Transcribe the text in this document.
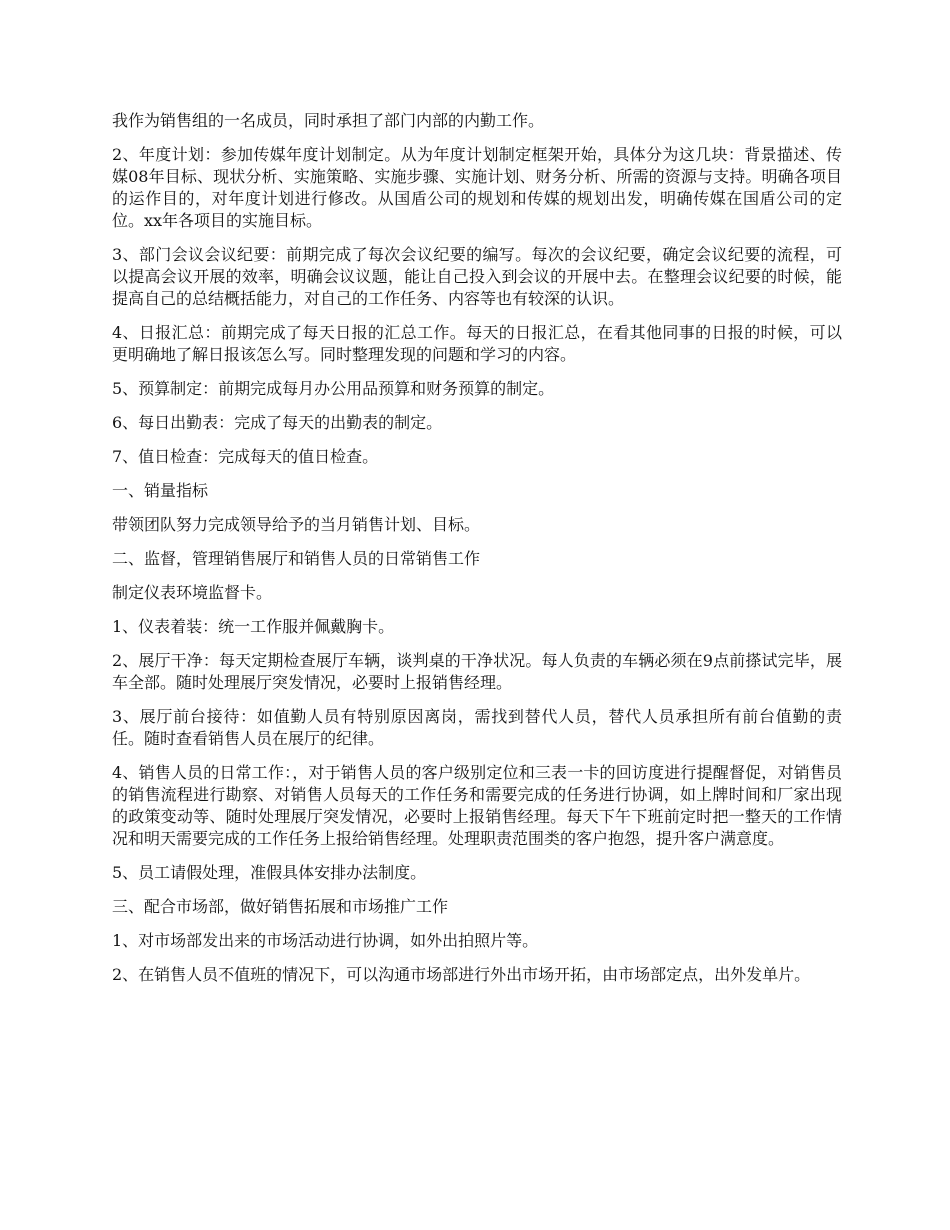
我作为销售组的一名成员，同时承担了部门内部的内勤工作。

2、年度计划：参加传媒年度计划制定。从为年度计划制定框架开始，具体分为这几块：背景描述、传媒08年目标、现状分析、实施策略、实施步骤、实施计划、财务分析、所需的资源与支持。明确各项目的运作目的，对年度计划进行修改。从国盾公司的规划和传媒的规划出发，明确传媒在国盾公司的定位。xx年各项目的实施目标。

3、部门会议会议纪要：前期完成了每次会议纪要的编写。每次的会议纪要，确定会议纪要的流程，可以提高会议开展的效率，明确会议议题，能让自己投入到会议的开展中去。在整理会议纪要的时候，能提高自己的总结概括能力，对自己的工作任务、内容等也有较深的认识。

4、日报汇总：前期完成了每天日报的汇总工作。每天的日报汇总，在看其他同事的日报的时候，可以更明确地了解日报该怎么写。同时整理发现的问题和学习的内容。

5、预算制定：前期完成每月办公用品预算和财务预算的制定。

6、每日出勤表：完成了每天的出勤表的制定。

7、值日检查：完成每天的值日检查。

一、销量指标

带领团队努力完成领导给予的当月销售计划、目标。

二、监督，管理销售展厅和销售人员的日常销售工作

制定仪表环境监督卡。

1、仪表着装：统一工作服并佩戴胸卡。

2、展厅干净：每天定期检查展厅车辆，谈判桌的干净状况。每人负责的车辆必须在9点前搽试完毕，展车全部。随时处理展厅突发情况，必要时上报销售经理。

3、展厅前台接待：如值勤人员有特别原因离岗，需找到替代人员，替代人员承担所有前台值勤的责任。随时查看销售人员在展厅的纪律。

4、销售人员的日常工作：，对于销售人员的客户级别定位和三表一卡的回访度进行提醒督促，对销售员的销售流程进行勘察、对销售人员每天的工作任务和需要完成的任务进行协调，如上牌时间和厂家出现的政策变动等、随时处理展厅突发情况，必要时上报销售经理。每天下午下班前定时把一整天的工作情况和明天需要完成的工作任务上报给销售经理。处理职责范围类的客户抱怨，提升客户满意度。

5、员工请假处理，准假具体安排办法制度。

三、配合市场部，做好销售拓展和市场推广工作

1、对市场部发出来的市场活动进行协调，如外出拍照片等。

2、在销售人员不值班的情况下，可以沟通市场部进行外出市场开拓，由市场部定点，出外发单片。
